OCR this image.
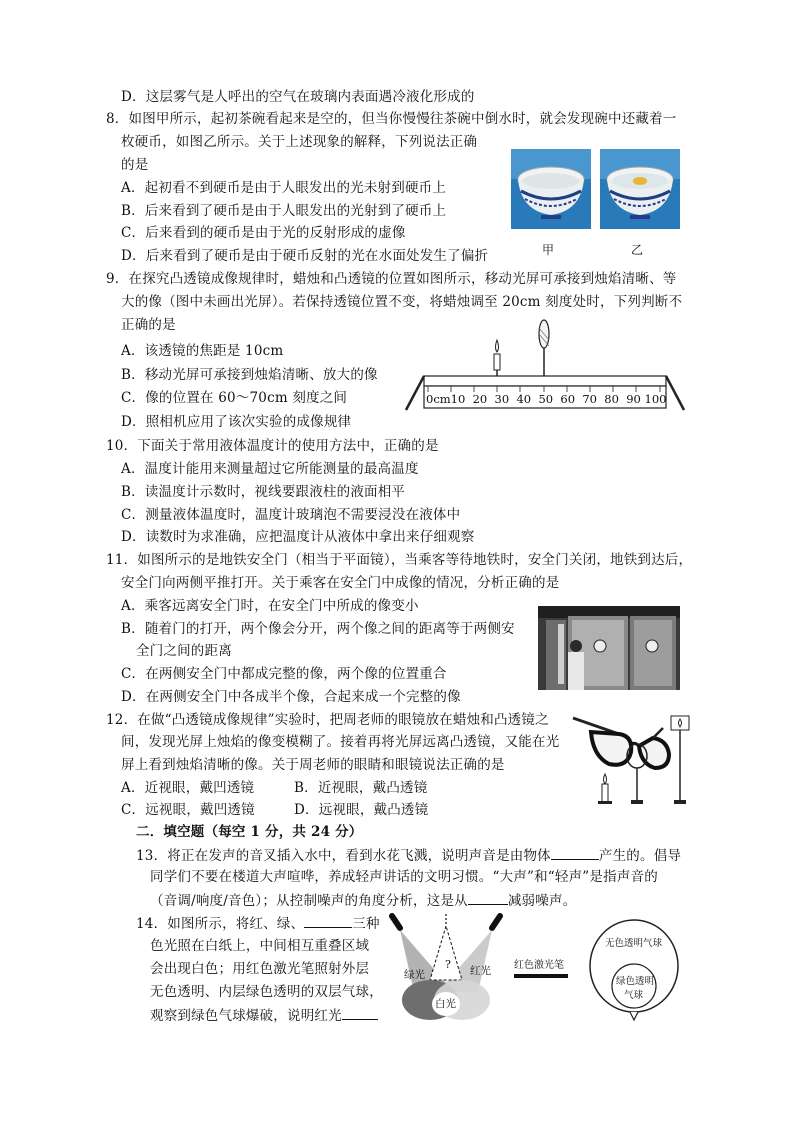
D．这层雾气是人呼出的空气在玻璃内表面遇冷液化形成的
8．如图甲所示，起初茶碗看起来是空的，但当你慢慢往茶碗中倒水时，就会发现碗中还藏着一
枚硬币，如图乙所示。关于上述现象的解释，下列说法正确
的是
A．起初看不到硬币是由于人眼发出的光未射到硬币上
B．后来看到了硬币是由于人眼发出的光射到了硬币上
C．后来看到的硬币是由于光的反射形成的虚像
D．后来看到了硬币是由于硬币反射的光在水面处发生了偏折	甲	乙
9．在探究凸透镜成像规律时，蜡烛和凸透镜的位置如图所示，移动光屏可承接到烛焰清晰、等
大的像（图中未画出光屏）。若保持透镜位置不变，将蜡烛调至 20cm 刻度处时，下列判断不
正确的是
A．该透镜的焦距是 10cm
B．移动光屏可承接到烛焰清晰、放大的像
C．像的位置在 60～70cm 刻度之间
D．照相机应用了该次实验的成像规律
0cm10  20  30  40  50  60  70  80  90 100
10．下面关于常用液体温度计的使用方法中，正确的是
A．温度计能用来测量超过它所能测量的最高温度
B．读温度计示数时，视线要跟液柱的液面相平
C．测量液体温度时，温度计玻璃泡不需要浸没在液体中
D．读数时为求准确，应把温度计从液体中拿出来仔细观察
11．如图所示的是地铁安全门（相当于平面镜），当乘客等待地铁时，安全门关闭，地铁到达后，
安全门向两侧平推打开。关于乘客在安全门中成像的情况，分析正确的是
A．乘客远离安全门时，在安全门中所成的像变小
B．随着门的打开，两个像会分开，两个像之间的距离等于两侧安
全门之间的距离
C．在两侧安全门中都成完整的像，两个像的位置重合
D．在两侧安全门中各成半个像，合起来成一个完整的像
12．在做“凸透镜成像规律”实验时，把周老师的眼镜放在蜡烛和凸透镜之
间，发现光屏上烛焰的像变模糊了。接着再将光屏远离凸透镜，又能在光
屏上看到烛焰清晰的像。关于周老师的眼睛和眼镜说法正确的是
A．近视眼，戴凹透镜	B．近视眼，戴凸透镜
C．远视眼，戴凹透镜	D．远视眼，戴凸透镜
二．填空题（每空 1 分，共 24 分）
13．将正在发声的音叉插入水中，看到水花飞溅，说明声音是由物体	产生的。倡导
同学们不要在楼道大声喧哗，养成轻声讲话的文明习惯。“大声”和“轻声”是指声音的
（音调/响度/音色）；从控制噪声的角度分析，这是从	减弱噪声。
14．如图所示，将红、绿、	三种
色光照在白纸上，中间相互重叠区域
会出现白色；用红色激光笔照射外层
无色透明、内层绿色透明的双层气球，
观察到绿色气球爆破，说明红光
?
绿光	红光
白光
红色激光笔
无色透明气球
绿色透明
气球
